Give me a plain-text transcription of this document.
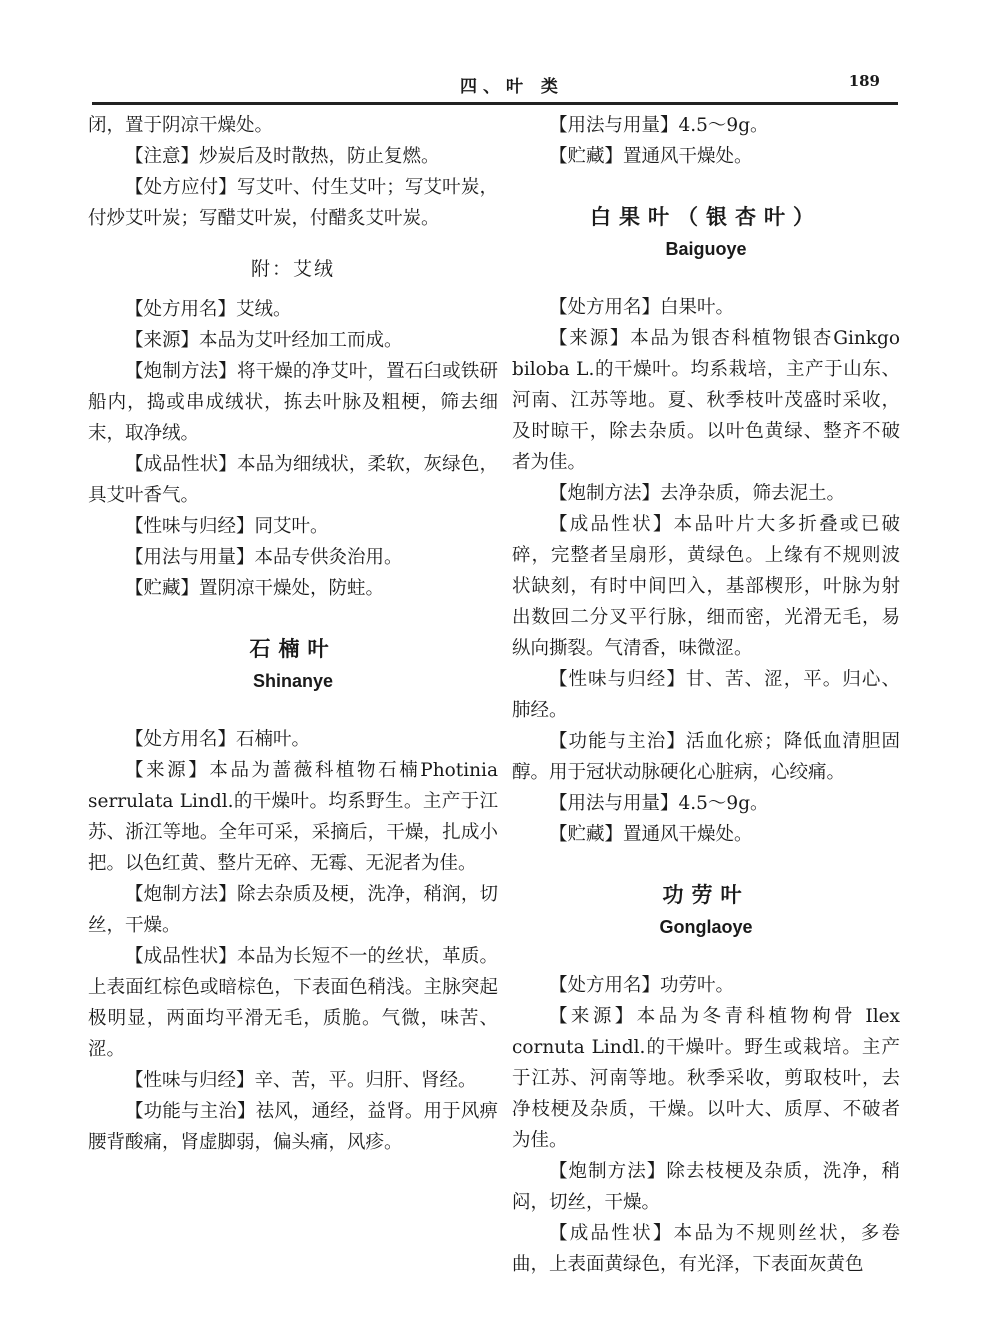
四、叶 类	189

闭，置于阴凉干燥处。

【注意】炒炭后及时散热，防止复燃。

【处方应付】写艾叶、付生艾叶；写艾叶炭，付炒艾叶炭；写醋艾叶炭，付醋炙艾叶炭。

附：艾绒

【处方用名】艾绒。

【来源】本品为艾叶经加工而成。

【炮制方法】将干燥的净艾叶，置石臼或铁研船内，捣或串成绒状，拣去叶脉及粗梗，筛去细末，取净绒。

【成品性状】本品为细绒状，柔软，灰绿色，具艾叶香气。

【性味与归经】同艾叶。

【用法与用量】本品专供灸治用。

【贮藏】置阴凉干燥处，防蛀。

石楠叶

Shinanye

【处方用名】石楠叶。

【来源】本品为蔷薇科植物石楠Photinia serrulata Lindl.的干燥叶。均系野生。主产于江苏、浙江等地。全年可采，采摘后，干燥，扎成小把。以色红黄、整片无碎、无霉、无泥者为佳。

【炮制方法】除去杂质及梗，洗净，稍润，切丝，干燥。

【成品性状】本品为长短不一的丝状，革质。上表面红棕色或暗棕色，下表面色稍浅。主脉突起极明显，两面均平滑无毛，质脆。气微，味苦、涩。

【性味与归经】辛、苦，平。归肝、肾经。

【功能与主治】祛风，通经，益肾。用于风痹腰背酸痛，肾虚脚弱，偏头痛，风疹。

【用法与用量】4.5～9g。

【贮藏】置通风干燥处。

白果叶（银杏叶）

Baiguoye

【处方用名】白果叶。

【来源】本品为银杏科植物银杏Ginkgo biloba L.的干燥叶。均系栽培，主产于山东、河南、江苏等地。夏、秋季枝叶茂盛时采收，及时晾干，除去杂质。以叶色黄绿、整齐不破者为佳。

【炮制方法】去净杂质，筛去泥土。

【成品性状】本品叶片大多折叠或已破碎，完整者呈扇形，黄绿色。上缘有不规则波状缺刻，有时中间凹入，基部楔形，叶脉为射出数回二分叉平行脉，细而密，光滑无毛，易纵向撕裂。气清香，味微涩。

【性味与归经】甘、苦、涩，平。归心、肺经。

【功能与主治】活血化瘀；降低血清胆固醇。用于冠状动脉硬化心脏病，心绞痛。

【用法与用量】4.5～9g。

【贮藏】置通风干燥处。

功劳叶

Gonglaoye

【处方用名】功劳叶。

【来源】本品为冬青科植物枸骨 Ilex cornuta Lindl.的干燥叶。野生或栽培。主产于江苏、河南等地。秋季采收，剪取枝叶，去净枝梗及杂质，干燥。以叶大、质厚、不破者为佳。

【炮制方法】除去枝梗及杂质，洗净，稍闷，切丝，干燥。

【成品性状】本品为不规则丝状，多卷曲，上表面黄绿色，有光泽，下表面灰黄色
